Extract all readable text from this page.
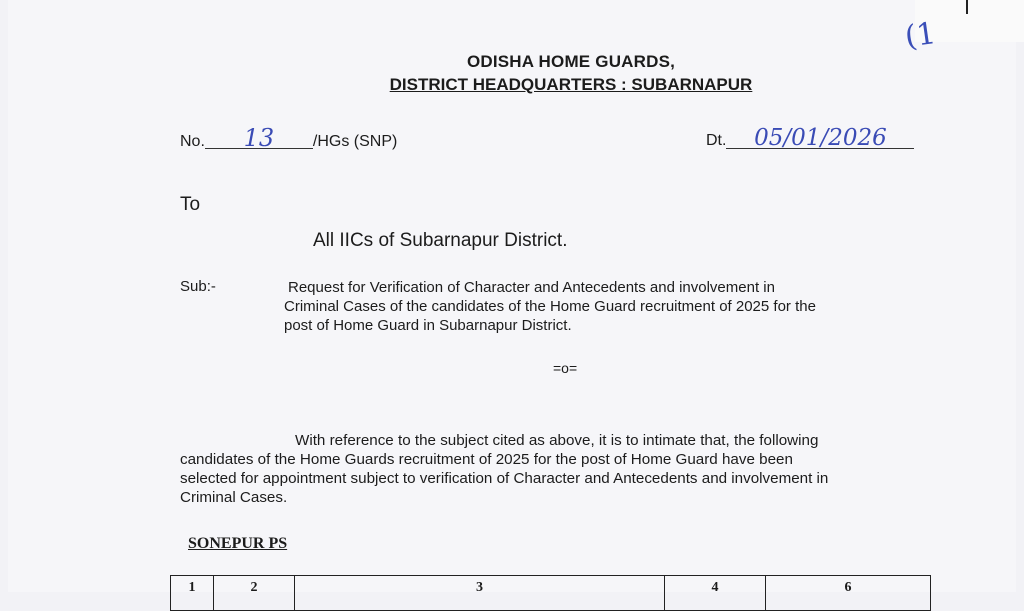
(1
ODISHA HOME GUARDS,
DISTRICT HEADQUARTERS : SUBARNAPUR
No. 13 /HGs (SNP)	Dt. 05/01/2026
To
All IICs of Subarnapur District.
Sub:-	Request for Verification of Character and Antecedents and involvement in
Criminal Cases of the candidates of the Home Guard recruitment of 2025 for the
post of Home Guard in Subarnapur District.
=o=
With reference to the subject cited as above, it is to intimate that, the following
candidates of the Home Guards recruitment of 2025 for the post of Home Guard have been
selected for appointment subject to verification of Character and Antecedents and involvement in
Criminal Cases.
SONEPUR PS
1	2	3	4	6
